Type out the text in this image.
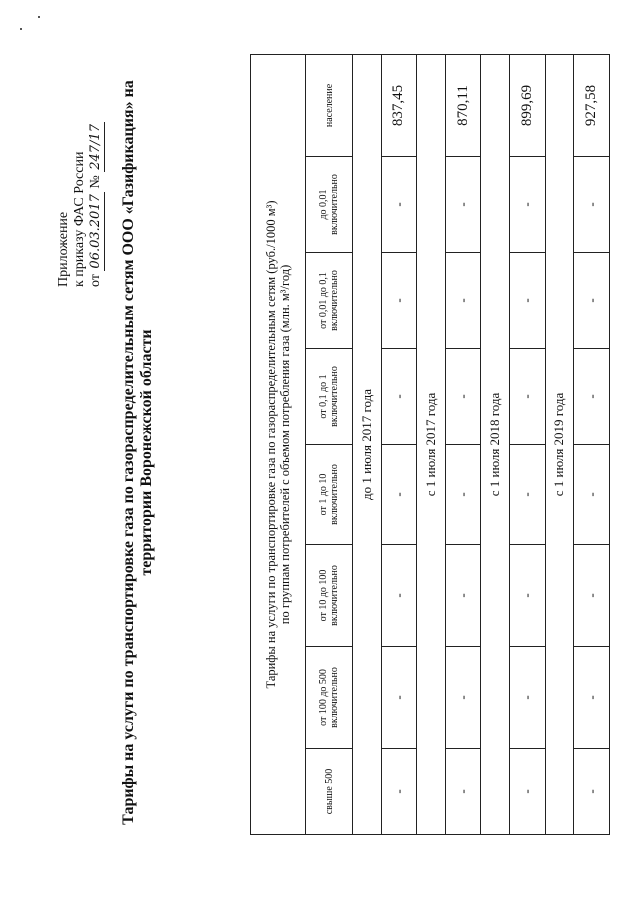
Приложение к приказу ФАС России от 06.03.2017 № 247/17 Тарифы на услуги по транспортировке газа по газораспределительным сетям ООО «Газификация» на территории Воронежской области	Тарифы на услуги по транспортировке газа по газораспределительным сетям (руб./1000 м³) по группам потребителей с объемом потребления газа (млн. м³/год)							

свыше 500	от 100 до 500 включительно	от 10 до 100 включительно	от 1 до 10 включительно	от 0,1 до 1 включительно	от 0,01 до 0,1 включительно	до 0,01 включительно	население
до 1 июля 2017 года							
-	-	-	-	-	-	-	837,45
с 1 июля 2017 года							
-	-	-	-	-	-	-	870,11
с 1 июля 2018 года							
-	-	-	-	-	-	-	899,69
с 1 июля 2019 года							
-	-	-	-	-	-	-	927,58
